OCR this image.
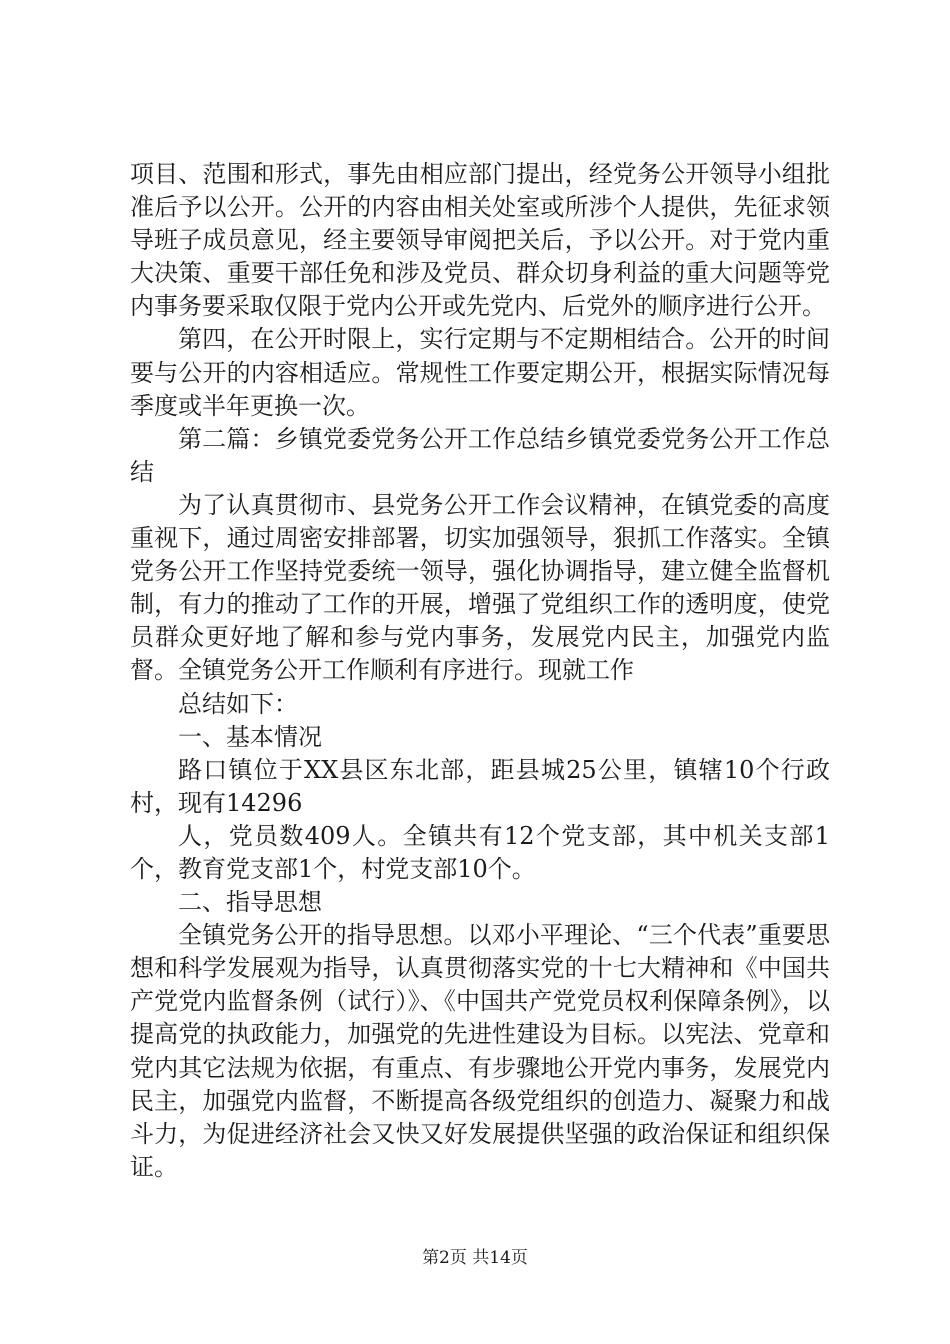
项目、范围和形式，事先由相应部门提出，经党务公开领导小组批准后予以公开。公开的内容由相关处室或所涉个人提供，先征求领导班子成员意见，经主要领导审阅把关后，予以公开。对于党内重大决策、重要干部任免和涉及党员、群众切身利益的重大问题等党内事务要采取仅限于党内公开或先党内、后党外的顺序进行公开。

第四，在公开时限上，实行定期与不定期相结合。公开的时间要与公开的内容相适应。常规性工作要定期公开，根据实际情况每季度或半年更换一次。

第二篇：乡镇党委党务公开工作总结乡镇党委党务公开工作总结

为了认真贯彻市、县党务公开工作会议精神，在镇党委的高度重视下，通过周密安排部署，切实加强领导，狠抓工作落实。全镇党务公开工作坚持党委统一领导，强化协调指导，建立健全监督机制，有力的推动了工作的开展，增强了党组织工作的透明度，使党员群众更好地了解和参与党内事务，发展党内民主，加强党内监督。全镇党务公开工作顺利有序进行。现就工作

总结如下：

一、基本情况

路口镇位于XX县区东北部，距县城25公里，镇辖10个行政村，现有14296

人，党员数409人。全镇共有12个党支部，其中机关支部1个，教育党支部1个，村党支部10个。

二、指导思想

全镇党务公开的指导思想。以邓小平理论、“三个代表”重要思想和科学发展观为指导，认真贯彻落实党的十七大精神和《中国共产党党内监督条例（试行）》、《中国共产党党员权利保障条例》，以提高党的执政能力，加强党的先进性建设为目标。以宪法、党章和党内其它法规为依据，有重点、有步骤地公开党内事务，发展党内民主，加强党内监督，不断提高各级党组织的创造力、凝聚力和战斗力，为促进经济社会又快又好发展提供坚强的政治保证和组织保证。

第2页 共14页
